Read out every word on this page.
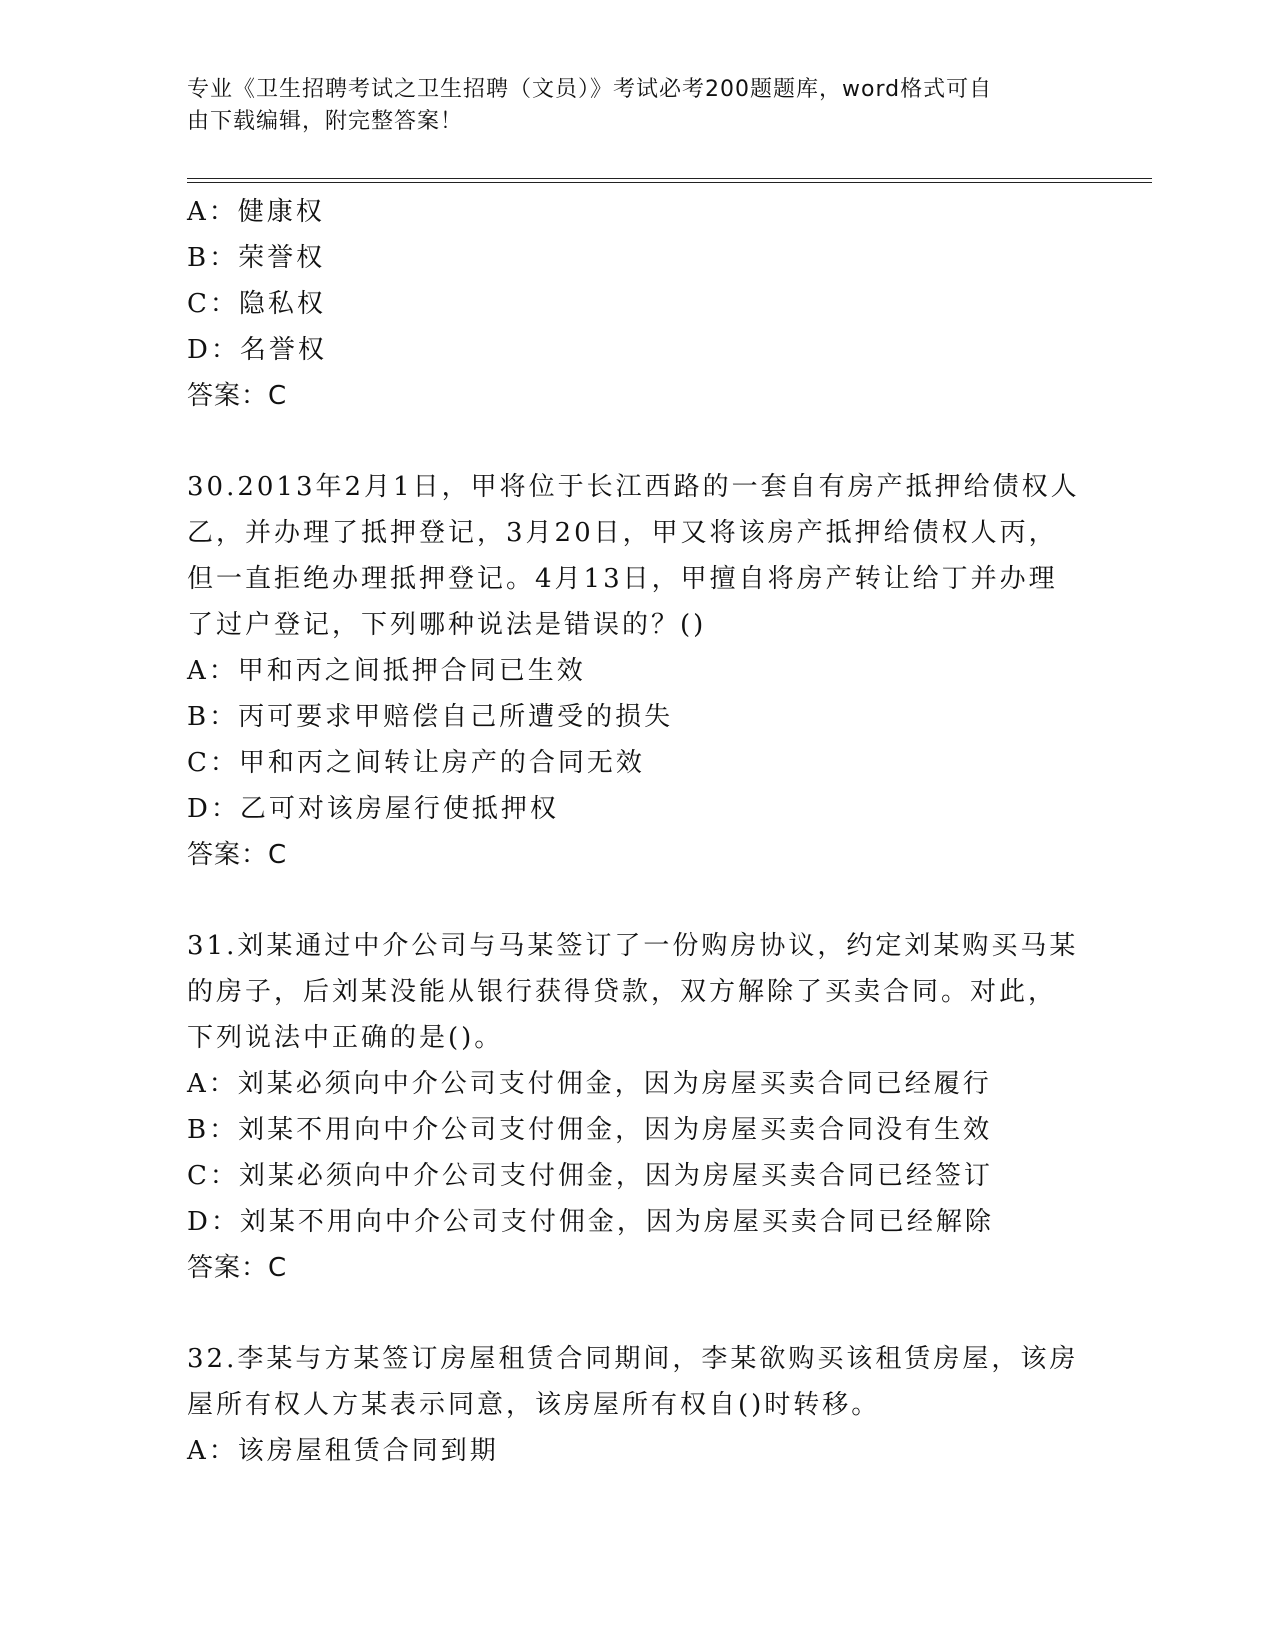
专业《卫生招聘考试之卫生招聘（文员）》考试必考200题题库，word格式可自
由下载编辑，附完整答案！
A：健康权
B：荣誉权
C：隐私权
D：名誉权
答案：C
30.2013年2月1日，甲将位于长江西路的一套自有房产抵押给债权人
乙，并办理了抵押登记，3月20日，甲又将该房产抵押给债权人丙，
但一直拒绝办理抵押登记。4月13日，甲擅自将房产转让给丁并办理
了过户登记，下列哪种说法是错误的？()
A：甲和丙之间抵押合同已生效
B：丙可要求甲赔偿自己所遭受的损失
C：甲和丙之间转让房产的合同无效
D：乙可对该房屋行使抵押权
答案：C
31.刘某通过中介公司与马某签订了一份购房协议，约定刘某购买马某
的房子，后刘某没能从银行获得贷款，双方解除了买卖合同。对此，
下列说法中正确的是()。
A：刘某必须向中介公司支付佣金，因为房屋买卖合同已经履行
B：刘某不用向中介公司支付佣金，因为房屋买卖合同没有生效
C：刘某必须向中介公司支付佣金，因为房屋买卖合同已经签订
D：刘某不用向中介公司支付佣金，因为房屋买卖合同已经解除
答案：C
32.李某与方某签订房屋租赁合同期间，李某欲购买该租赁房屋，该房
屋所有权人方某表示同意，该房屋所有权自()时转移。
A：该房屋租赁合同到期
